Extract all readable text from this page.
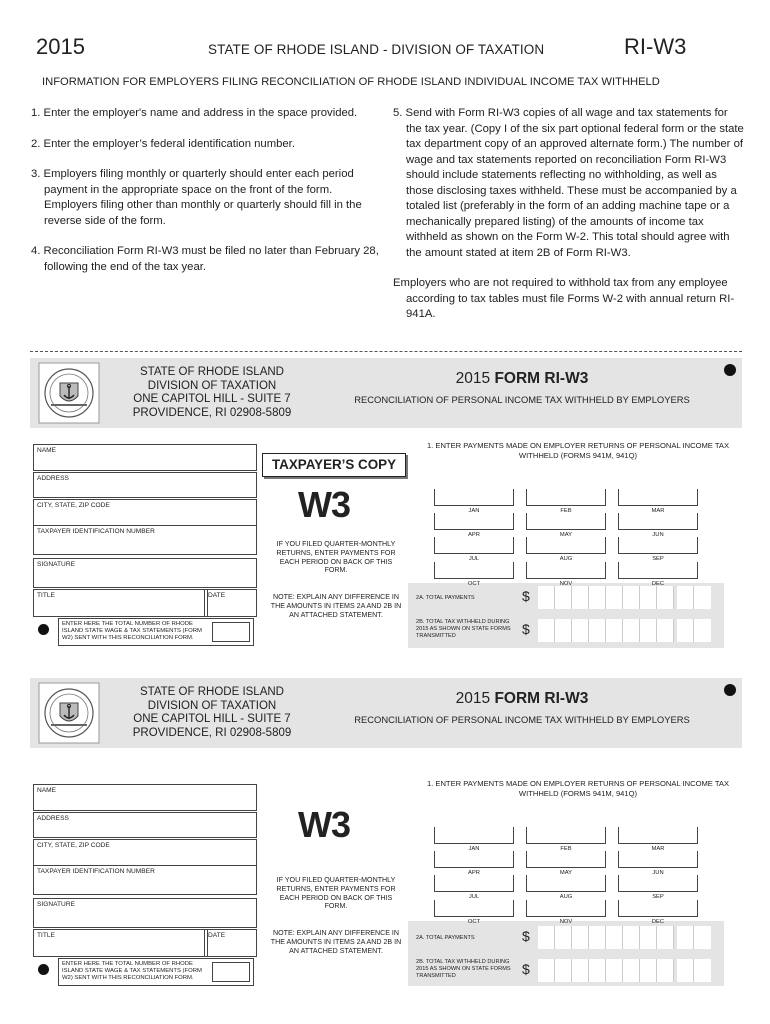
2015	STATE OF RHODE ISLAND - DIVISION OF TAXATION	RI-W3
INFORMATION FOR EMPLOYERS FILING RECONCILIATION OF RHODE ISLAND INDIVIDUAL INCOME TAX WITHHELD
1. Enter the employer's name and address in the space provided.
2. Enter the employer’s federal identification number.
3. Employers filing monthly or quarterly should enter each period payment in the appropriate space on the front of the form. Employers filing other than monthly or quarterly should fill in the reverse side of the form.
4. Reconciliation Form RI-W3 must be filed no later than February 28, following the end of the tax year.
5. Send with Form RI-W3 copies of all wage and tax statements for the tax year. (Copy I of the six part optional federal form or the state tax department copy of an approved alternate form.) The number of wage and tax statements reported on reconciliation Form RI-W3 should include statements reflecting no withholding, as well as those disclosing taxes withheld. These must be accompanied by a totaled list (preferably in the form of an adding machine tape or a mechanically prepared listing) of the amounts of income tax withheld as shown on the Form W-2. This total should agree with the amount stated at item 2B of Form RI-W3.
Employers who are not required to withhold tax from any employee according to tax tables must file Forms W-2 with annual return RI-941A.
STATE OF RHODE ISLAND
DIVISION OF TAXATION
ONE CAPITOL HILL - SUITE 7
PROVIDENCE, RI 02908-5809
2015 FORM RI-W3
RECONCILIATION OF PERSONAL INCOME TAX WITHHELD BY EMPLOYERS
NAME
ADDRESS
CITY, STATE, ZIP CODE
TAXPAYER IDENTIFICATION NUMBER
SIGNATURE
TITLE	DATE
ENTER HERE THE TOTAL NUMBER OF RHODE ISLAND STATE WAGE & TAX STATEMENTS (FORM W2) SENT WITH THIS RECONCILIATION FORM.
TAXPAYER’S COPY
W3
IF YOU FILED QUARTER-MONTHLY RETURNS, ENTER PAYMENTS FOR EACH PERIOD ON BACK OF THIS FORM.
NOTE: EXPLAIN ANY DIFFERENCE IN THE AMOUNTS IN ITEMS 2A AND 2B IN AN ATTACHED STATEMENT.
1. ENTER PAYMENTS MADE ON EMPLOYER RETURNS OF PERSONAL INCOME TAX WITHHELD (FORMS 941M, 941Q)
2A. TOTAL PAYMENTS	$
2B. TOTAL TAX WITHHELD DURING 2015 AS SHOWN ON STATE FORMS TRANSMITTED	$
JAN	FEB	MAR
APR	MAY	JUN
JUL	AUG	SEP
OCT	NOV	DEC
STATE OF RHODE ISLAND
DIVISION OF TAXATION
ONE CAPITOL HILL - SUITE 7
PROVIDENCE, RI 02908-5809
2015 FORM RI-W3
RECONCILIATION OF PERSONAL INCOME TAX WITHHELD BY EMPLOYERS
NAME
ADDRESS
CITY, STATE, ZIP CODE
TAXPAYER IDENTIFICATION NUMBER
SIGNATURE
TITLE	DATE
ENTER HERE THE TOTAL NUMBER OF RHODE ISLAND STATE WAGE & TAX STATEMENTS (FORM W2) SENT WITH THIS RECONCILIATION FORM.
W3
IF YOU FILED QUARTER-MONTHLY RETURNS, ENTER PAYMENTS FOR EACH PERIOD ON BACK OF THIS FORM.
NOTE: EXPLAIN ANY DIFFERENCE IN THE AMOUNTS IN ITEMS 2A AND 2B IN AN ATTACHED STATEMENT.
1. ENTER PAYMENTS MADE ON EMPLOYER RETURNS OF PERSONAL INCOME TAX WITHHELD (FORMS 941M, 941Q)
2A. TOTAL PAYMENTS	$
2B. TOTAL TAX WITHHELD DURING 2015 AS SHOWN ON STATE FORMS TRANSMITTED	$
JAN	FEB	MAR
APR	MAY	JUN
JUL	AUG	SEP
OCT	NOV	DEC
